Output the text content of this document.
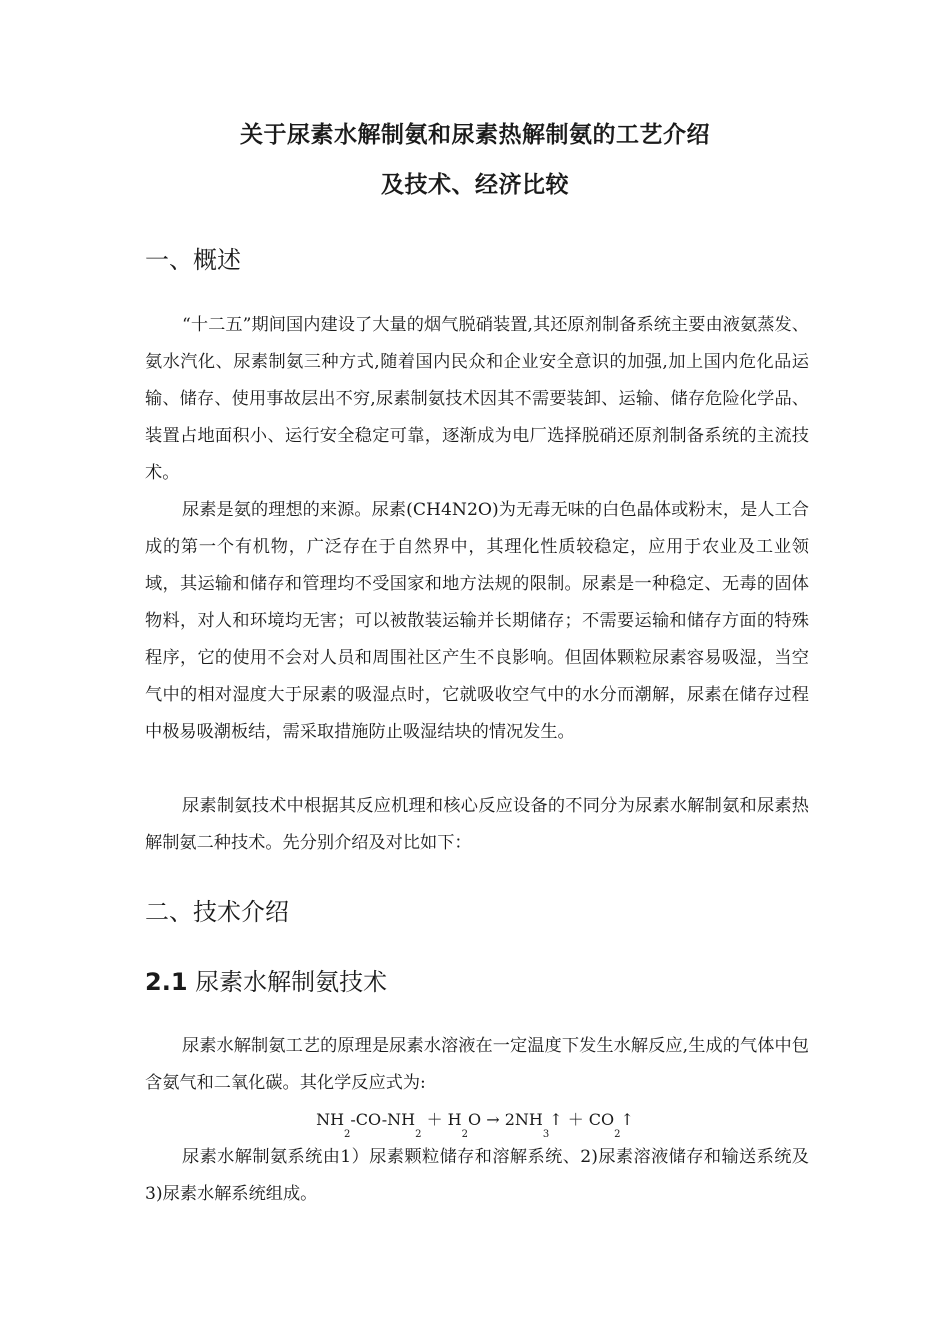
关于尿素水解制氨和尿素热解制氨的工艺介绍
及技术、经济比较
一、概述

“十二五”期间国内建设了大量的烟气脱硝装置,其还原剂制备系统主要由液氨蒸发、氨水汽化、尿素制氨三种方式,随着国内民众和企业安全意识的加强,加上国内危化品运输、储存、使用事故层出不穷,尿素制氨技术因其不需要装卸、运输、储存危险化学品、装置占地面积小、运行安全稳定可靠，逐渐成为电厂选择脱硝还原剂制备系统的主流技术。

尿素是氨的理想的来源。尿素(CH4N2O)为无毒无味的白色晶体或粉末，是人工合成的第一个有机物，广泛存在于自然界中，其理化性质较稳定，应用于农业及工业领域，其运输和储存和管理均不受国家和地方法规的限制。尿素是一种稳定、无毒的固体物料，对人和环境均无害；可以被散装运输并长期储存；不需要运输和储存方面的特殊程序，它的使用不会对人员和周围社区产生不良影响。但固体颗粒尿素容易吸湿，当空气中的相对湿度大于尿素的吸湿点时，它就吸收空气中的水分而潮解，尿素在储存过程中极易吸潮板结，需采取措施防止吸湿结块的情况发生。

尿素制氨技术中根据其反应机理和核心反应设备的不同分为尿素水解制氨和尿素热解制氨二种技术。先分别介绍及对比如下：

二、技术介绍
2.1 尿素水解制氨技术

尿素水解制氨工艺的原理是尿素水溶液在一定温度下发生水解反应,生成的气体中包含氨气和二氧化碳。其化学反应式为:

$NH_2-CO-NH_2 + H_2O$ → $2NH_3↑$ ＋ $CO_2↑$

尿素水解制氨系统由1）尿素颗粒储存和溶解系统、2)尿素溶液储存和输送系统及 3)尿素水解系统组成。
